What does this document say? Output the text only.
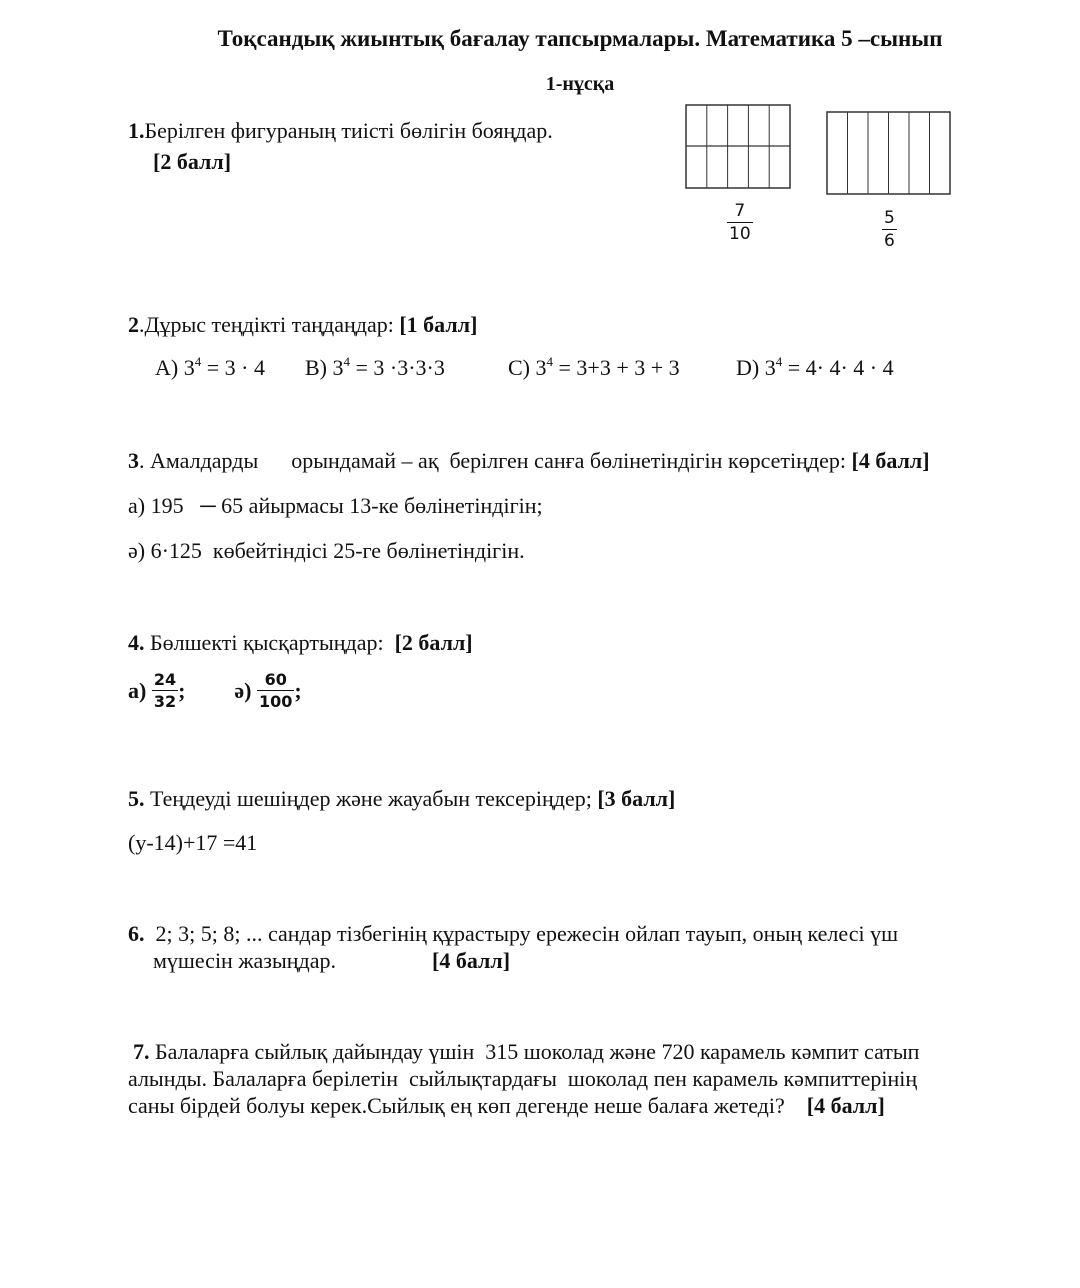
Тоқсандық жиынтық бағалау тапсырмалары. Математика 5 –сынып
1-нұсқа
1.Берілген фигураның тиісті бөлігін бояңдар.
[2 балл]
$\frac{7}{10}$	$\frac{5}{6}$
2.Дұрыс теңдікті таңдаңдар: [1 балл]
A) $3^4 = 3 \cdot 4$ B) $3^4 = 3 \cdot 3\cdot 3\cdot 3$	C) $3^4 = 3+3 + 3 + 3$	D) $3^4 = 4\cdot 4\cdot 4 \cdot 4$
3. Амалдарды      орындамай – ақ  берілген санға бөлінетіндігін көрсетіңдер: [4 балл]
а) 195   ─ 65 айырмасы 13-ке бөлінетіндігін;
ә) 6·125  көбейтіндісі 25-ге бөлінетіндігін.
4. Бөлшекті қысқартыңдар: [2 балл]
$а) \frac{24}{32}$ ; $ә) \frac{60}{100}$ ;
5. Теңдеуді шешіңдер және жауабын тексеріңдер; [3 балл]
(у-14)+17 =41
6. 2; 3; 5; 8; ... сандар тізбегінің құрастыру ережесін ойлап тауып, оның келесі үш
мүшесін жазыңдар.	[4 балл]
7. Балаларға сыйлық дайындау үшін  315 шоколад және 720 карамель кәмпит сатып
алынды. Балаларға берілетін  сыйлықтардағы  шоколад пен карамель кәмпиттерінің
саны бірдей болуы керек.Сыйлық ең көп дегенде неше балаға жетеді? [4 балл]
